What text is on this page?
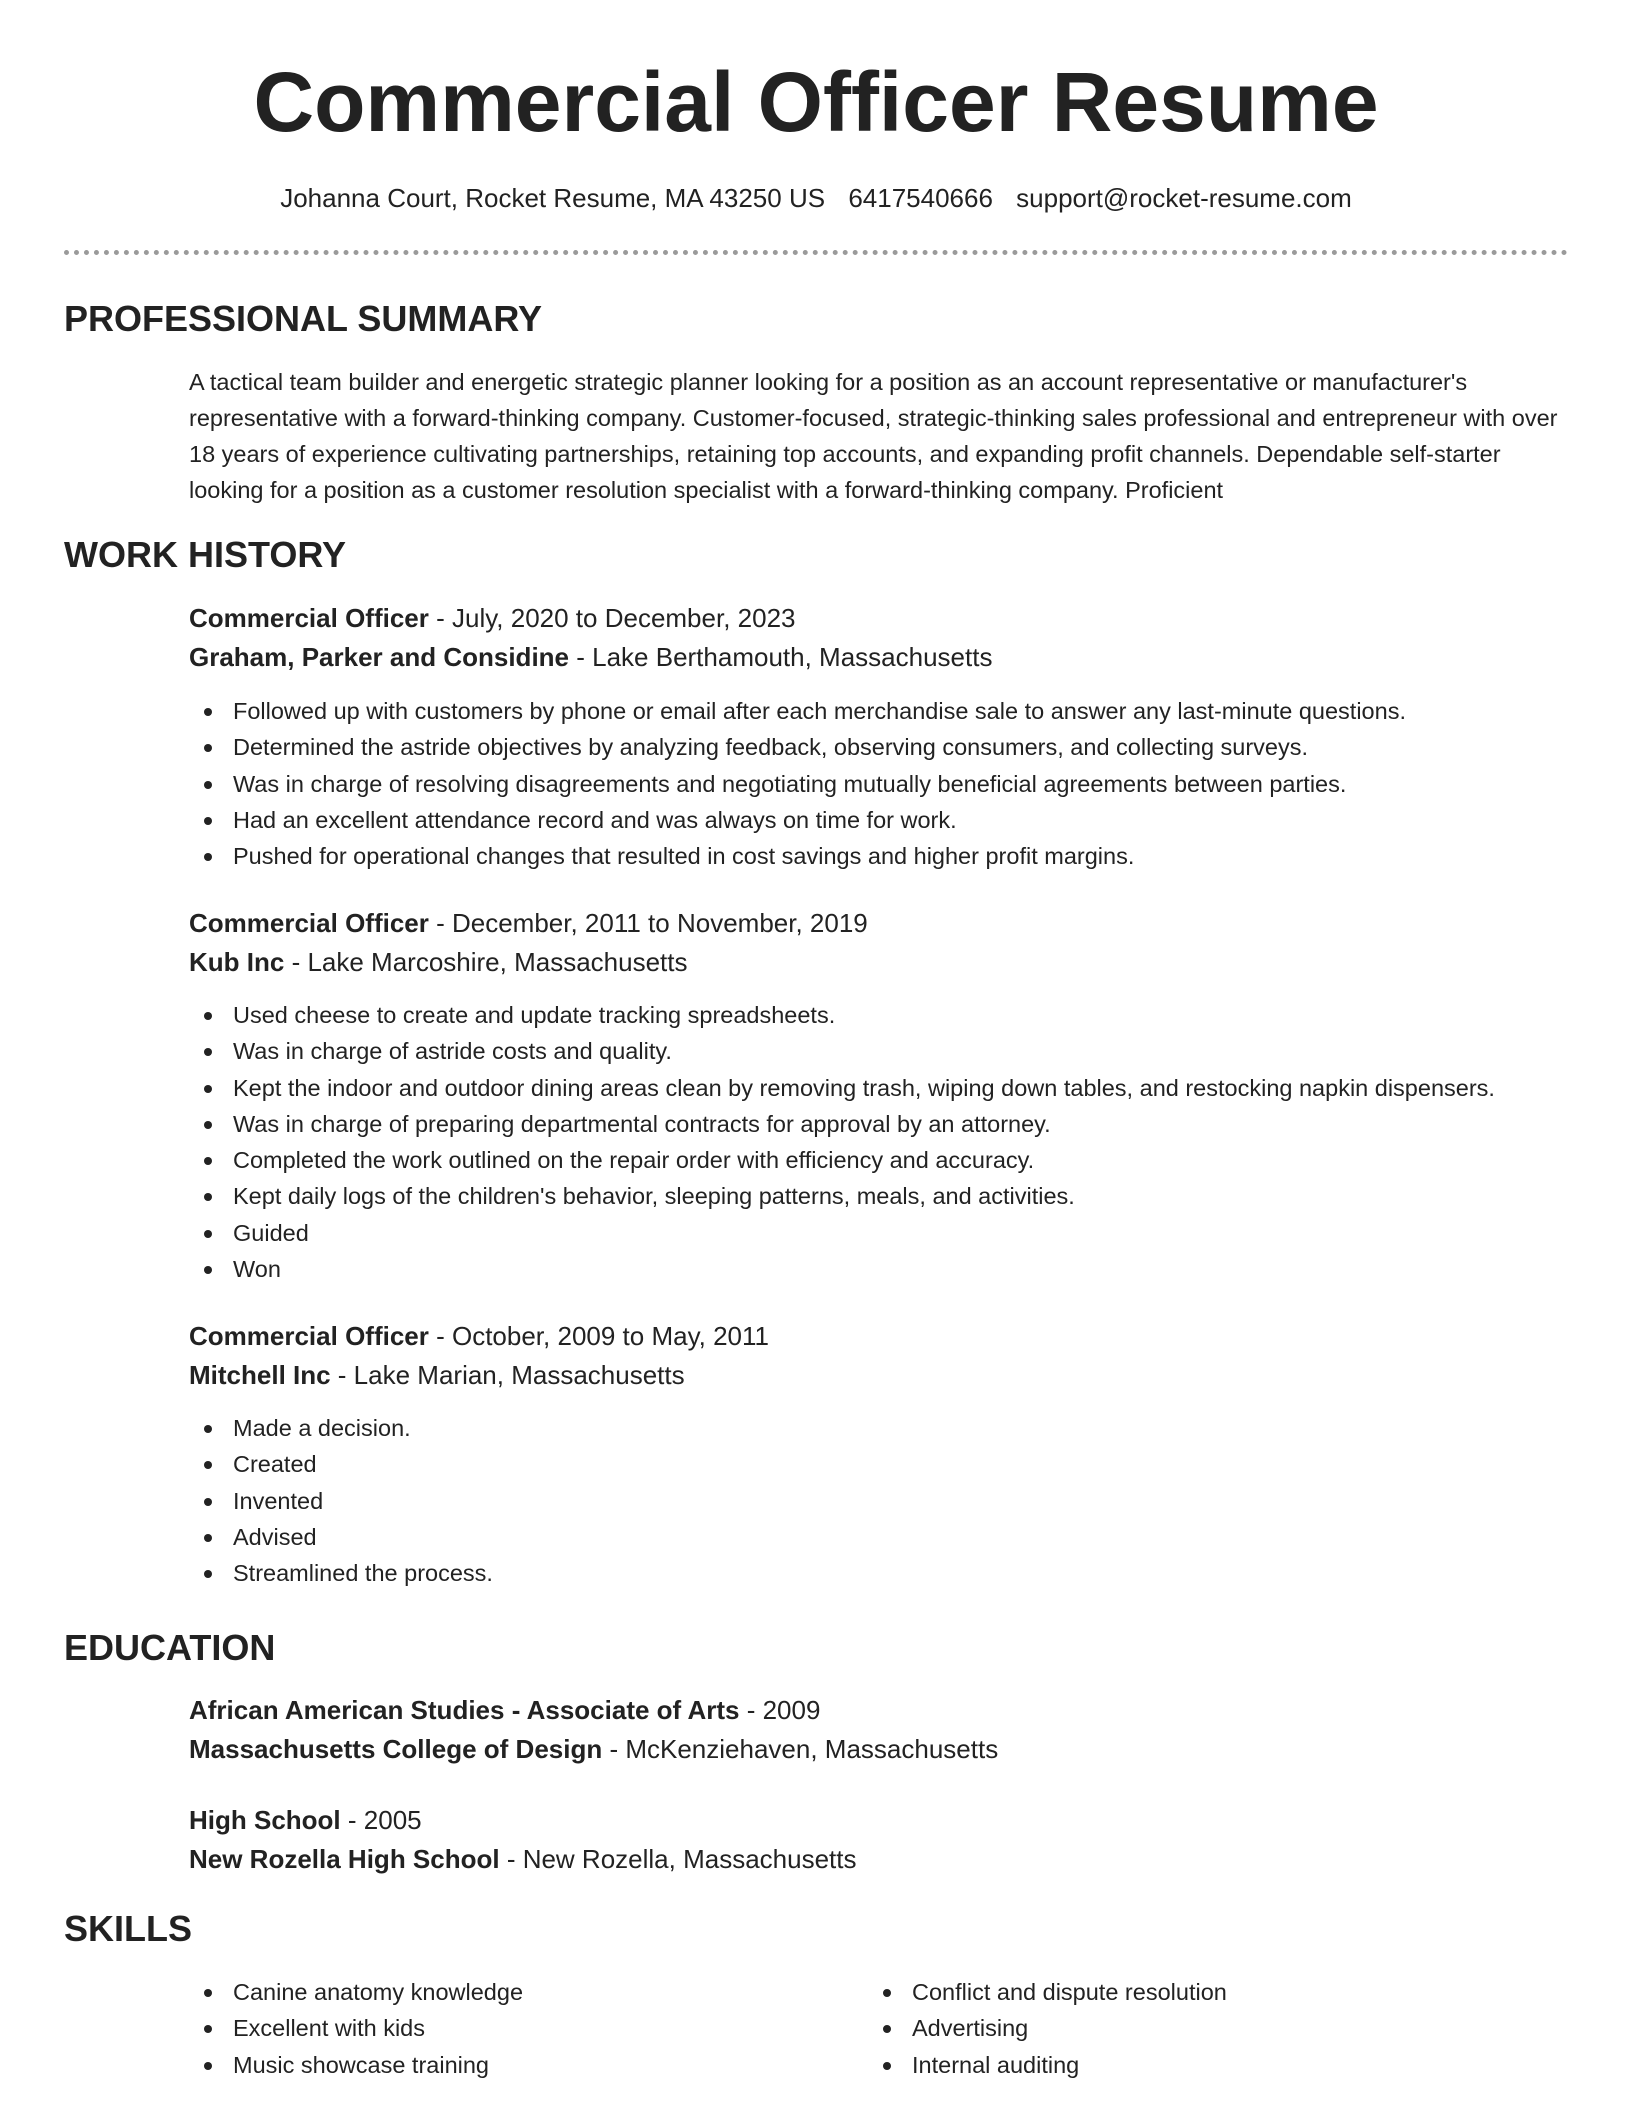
Commercial Officer Resume
Johanna Court, Rocket Resume, MA 43250 US 6417540666 support@rocket-resume.com
PROFESSIONAL SUMMARY

A tactical team builder and energetic strategic planner looking for a position as an account representative or manufacturer's representative with a forward-thinking company. Customer-focused, strategic-thinking sales professional and entrepreneur with over 18 years of experience cultivating partnerships, retaining top accounts, and expanding profit channels. Dependable self-starter looking for a position as a customer resolution specialist with a forward-thinking company. Proficient

WORK HISTORY
Commercial Officer - July, 2020 to December, 2023
Graham, Parker and Considine - Lake Berthamouth, Massachusetts
Followed up with customers by phone or email after each merchandise sale to answer any last-minute questions.
Determined the astride objectives by analyzing feedback, observing consumers, and collecting surveys.
Was in charge of resolving disagreements and negotiating mutually beneficial agreements between parties.
Had an excellent attendance record and was always on time for work.
Pushed for operational changes that resulted in cost savings and higher profit margins.
Commercial Officer - December, 2011 to November, 2019
Kub Inc - Lake Marcoshire, Massachusetts
Used cheese to create and update tracking spreadsheets.
Was in charge of astride costs and quality.
Kept the indoor and outdoor dining areas clean by removing trash, wiping down tables, and restocking napkin dispensers.
Was in charge of preparing departmental contracts for approval by an attorney.
Completed the work outlined on the repair order with efficiency and accuracy.
Kept daily logs of the children's behavior, sleeping patterns, meals, and activities.
Guided
Won
Commercial Officer - October, 2009 to May, 2011
Mitchell Inc - Lake Marian, Massachusetts
Made a decision.
Created
Invented
Advised
Streamlined the process.
EDUCATION
African American Studies - Associate of Arts - 2009
Massachusetts College of Design - McKenziehaven, Massachusetts
High School - 2005
New Rozella High School - New Rozella, Massachusetts
SKILLS
Canine anatomy knowledge
Excellent with kids
Music showcase training
Conflict and dispute resolution
Advertising
Internal auditing
